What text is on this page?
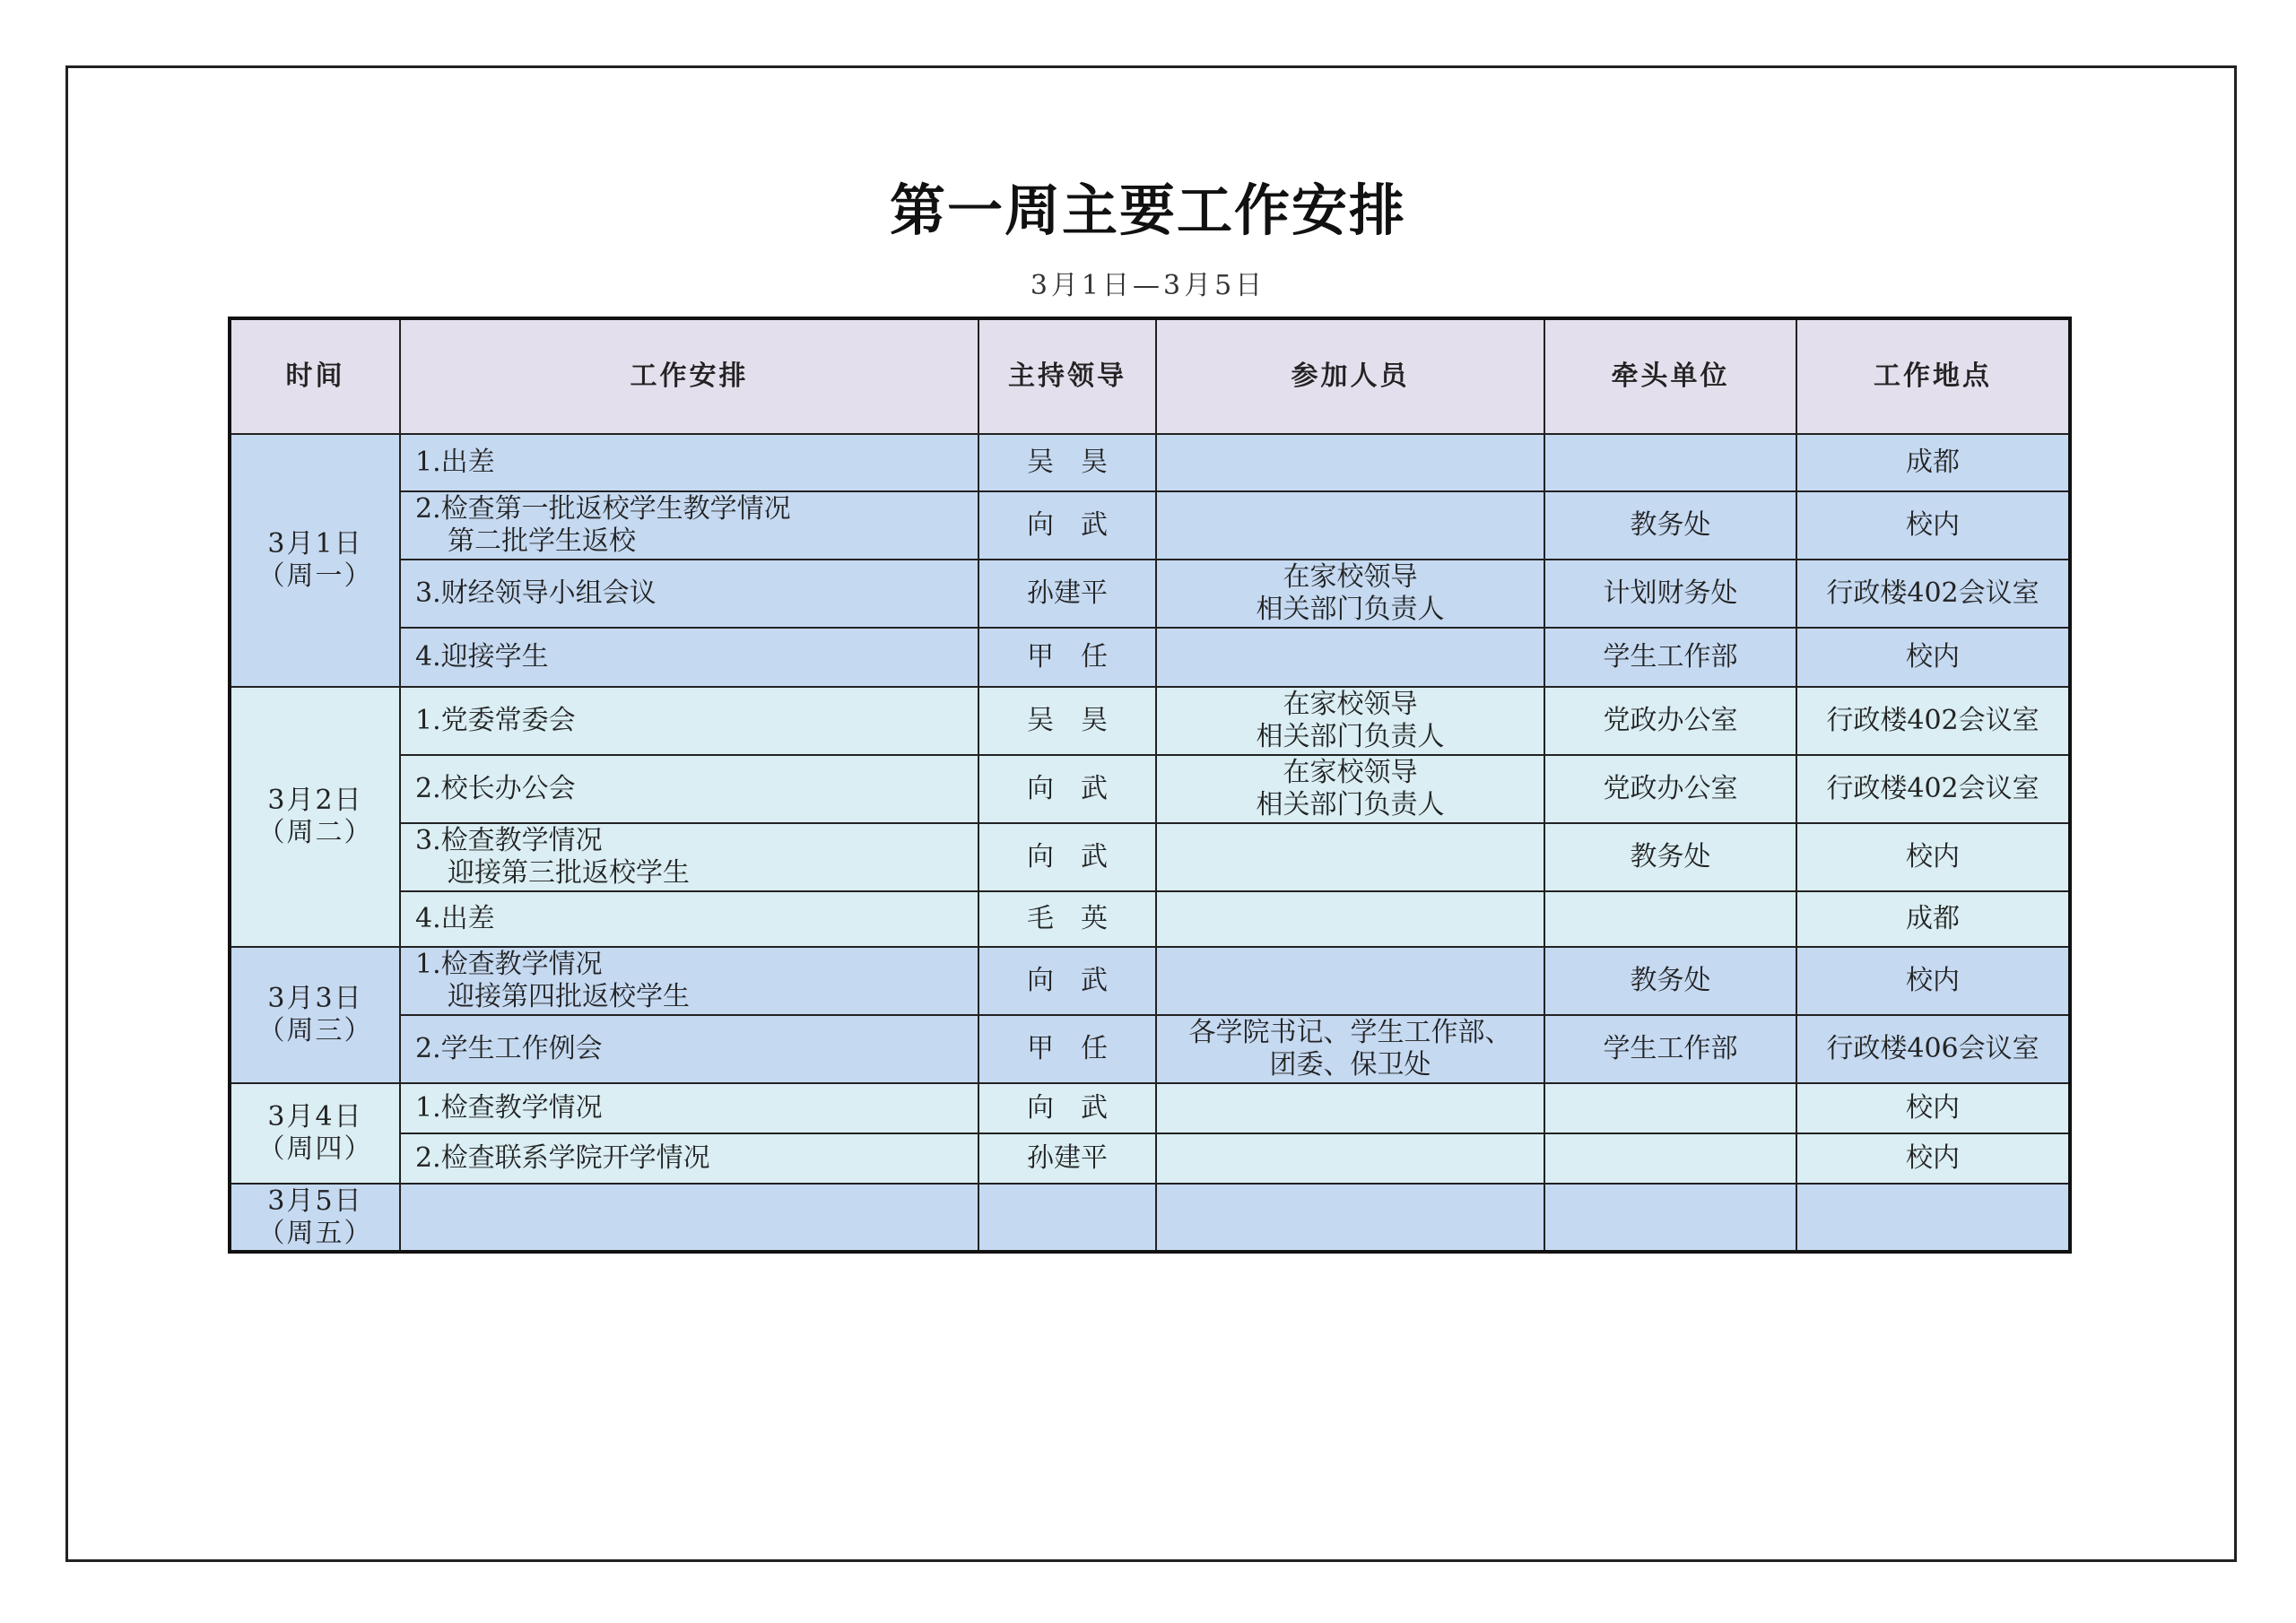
第一周主要工作安排
3月1日—3月5日
时间	工作安排	主持领导	参加人员	牵头单位	工作地点

3月1日
（周一）	1.出差	吴　昊			成都

	2.检查第一批返校学生教学情况
第二批学生返校	向　武		教务处	校内

	3.财经领导小组会议	孙建平	在家校领导
相关部门负责人	计划财务处	行政楼402会议室

	4.迎接学生	甲　任		学生工作部	校内

3月2日
（周二）	1.党委常委会	吴　昊	在家校领导
相关部门负责人	党政办公室	行政楼402会议室

	2.校长办公会	向　武	在家校领导
相关部门负责人	党政办公室	行政楼402会议室

	3.检查教学情况
迎接第三批返校学生	向　武		教务处	校内

	4.出差	毛　英			成都

3月3日
（周三）	1.检查教学情况
迎接第四批返校学生	向　武		教务处	校内

	2.学生工作例会	甲　任	各学院书记、学生工作部、
团委、保卫处	学生工作部	行政楼406会议室

3月4日
（周四）	1.检查教学情况	向　武			校内

	2.检查联系学院开学情况	孙建平			校内

3月5日
（周五）					
